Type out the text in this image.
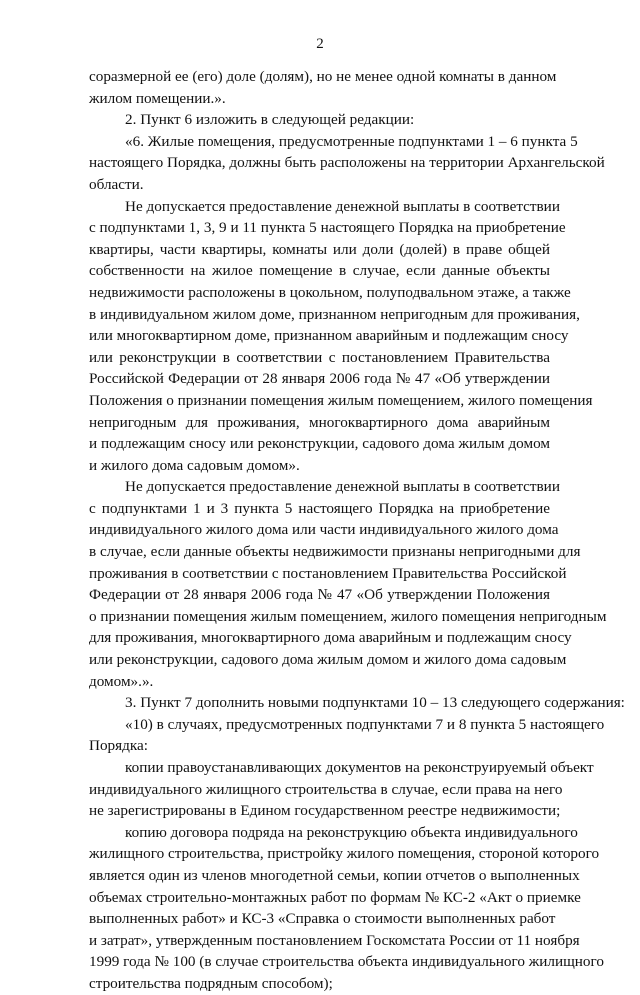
2
соразмерной ее (его) доле (долям), но не менее одной комнаты в данном
жилом помещении.».
2. Пункт 6 изложить в следующей редакции:
«6. Жилые помещения, предусмотренные подпунктами 1 – 6 пункта 5
настоящего Порядка, должны быть расположены на территории Архангельской
области.
Не допускается предоставление денежной выплаты в соответствии
с подпунктами 1, 3, 9 и 11 пункта 5 настоящего Порядка на приобретение
квартиры, части квартиры, комнаты или доли (долей) в праве общей
собственности на жилое помещение в случае, если данные объекты
недвижимости расположены в цокольном, полуподвальном этаже, а также
в индивидуальном жилом доме, признанном непригодным для проживания,
или многоквартирном доме, признанном аварийным и подлежащим сносу
или реконструкции в соответствии с постановлением Правительства
Российской Федерации от 28 января 2006 года № 47 «Об утверждении
Положения о признании помещения жилым помещением, жилого помещения
непригодным для проживания, многоквартирного дома аварийным
и подлежащим сносу или реконструкции, садового дома жилым домом
и жилого дома садовым домом».
Не допускается предоставление денежной выплаты в соответствии
с подпунктами 1 и 3 пункта 5 настоящего Порядка на приобретение
индивидуального жилого дома или части индивидуального жилого дома
в случае, если данные объекты недвижимости признаны непригодными для
проживания в соответствии с постановлением Правительства Российской
Федерации от 28 января 2006 года № 47 «Об утверждении Положения
о признании помещения жилым помещением, жилого помещения непригодным
для проживания, многоквартирного дома аварийным и подлежащим сносу
или реконструкции, садового дома жилым домом и жилого дома садовым
домом».».
3. Пункт 7 дополнить новыми подпунктами 10 – 13 следующего содержания:
«10) в случаях, предусмотренных подпунктами 7 и 8 пункта 5 настоящего
Порядка:
копии правоустанавливающих документов на реконструируемый объект
индивидуального жилищного строительства в случае, если права на него
не зарегистрированы в Едином государственном реестре недвижимости;
копию договора подряда на реконструкцию объекта индивидуального
жилищного строительства, пристройку жилого помещения, стороной которого
является один из членов многодетной семьи, копии отчетов о выполненных
объемах строительно-монтажных работ по формам № КС-2 «Акт о приемке
выполненных работ» и КС-3 «Справка о стоимости выполненных работ
и затрат», утвержденным постановлением Госкомстата России от 11 ноября
1999 года № 100 (в случае строительства объекта индивидуального жилищного
строительства подрядным способом);
